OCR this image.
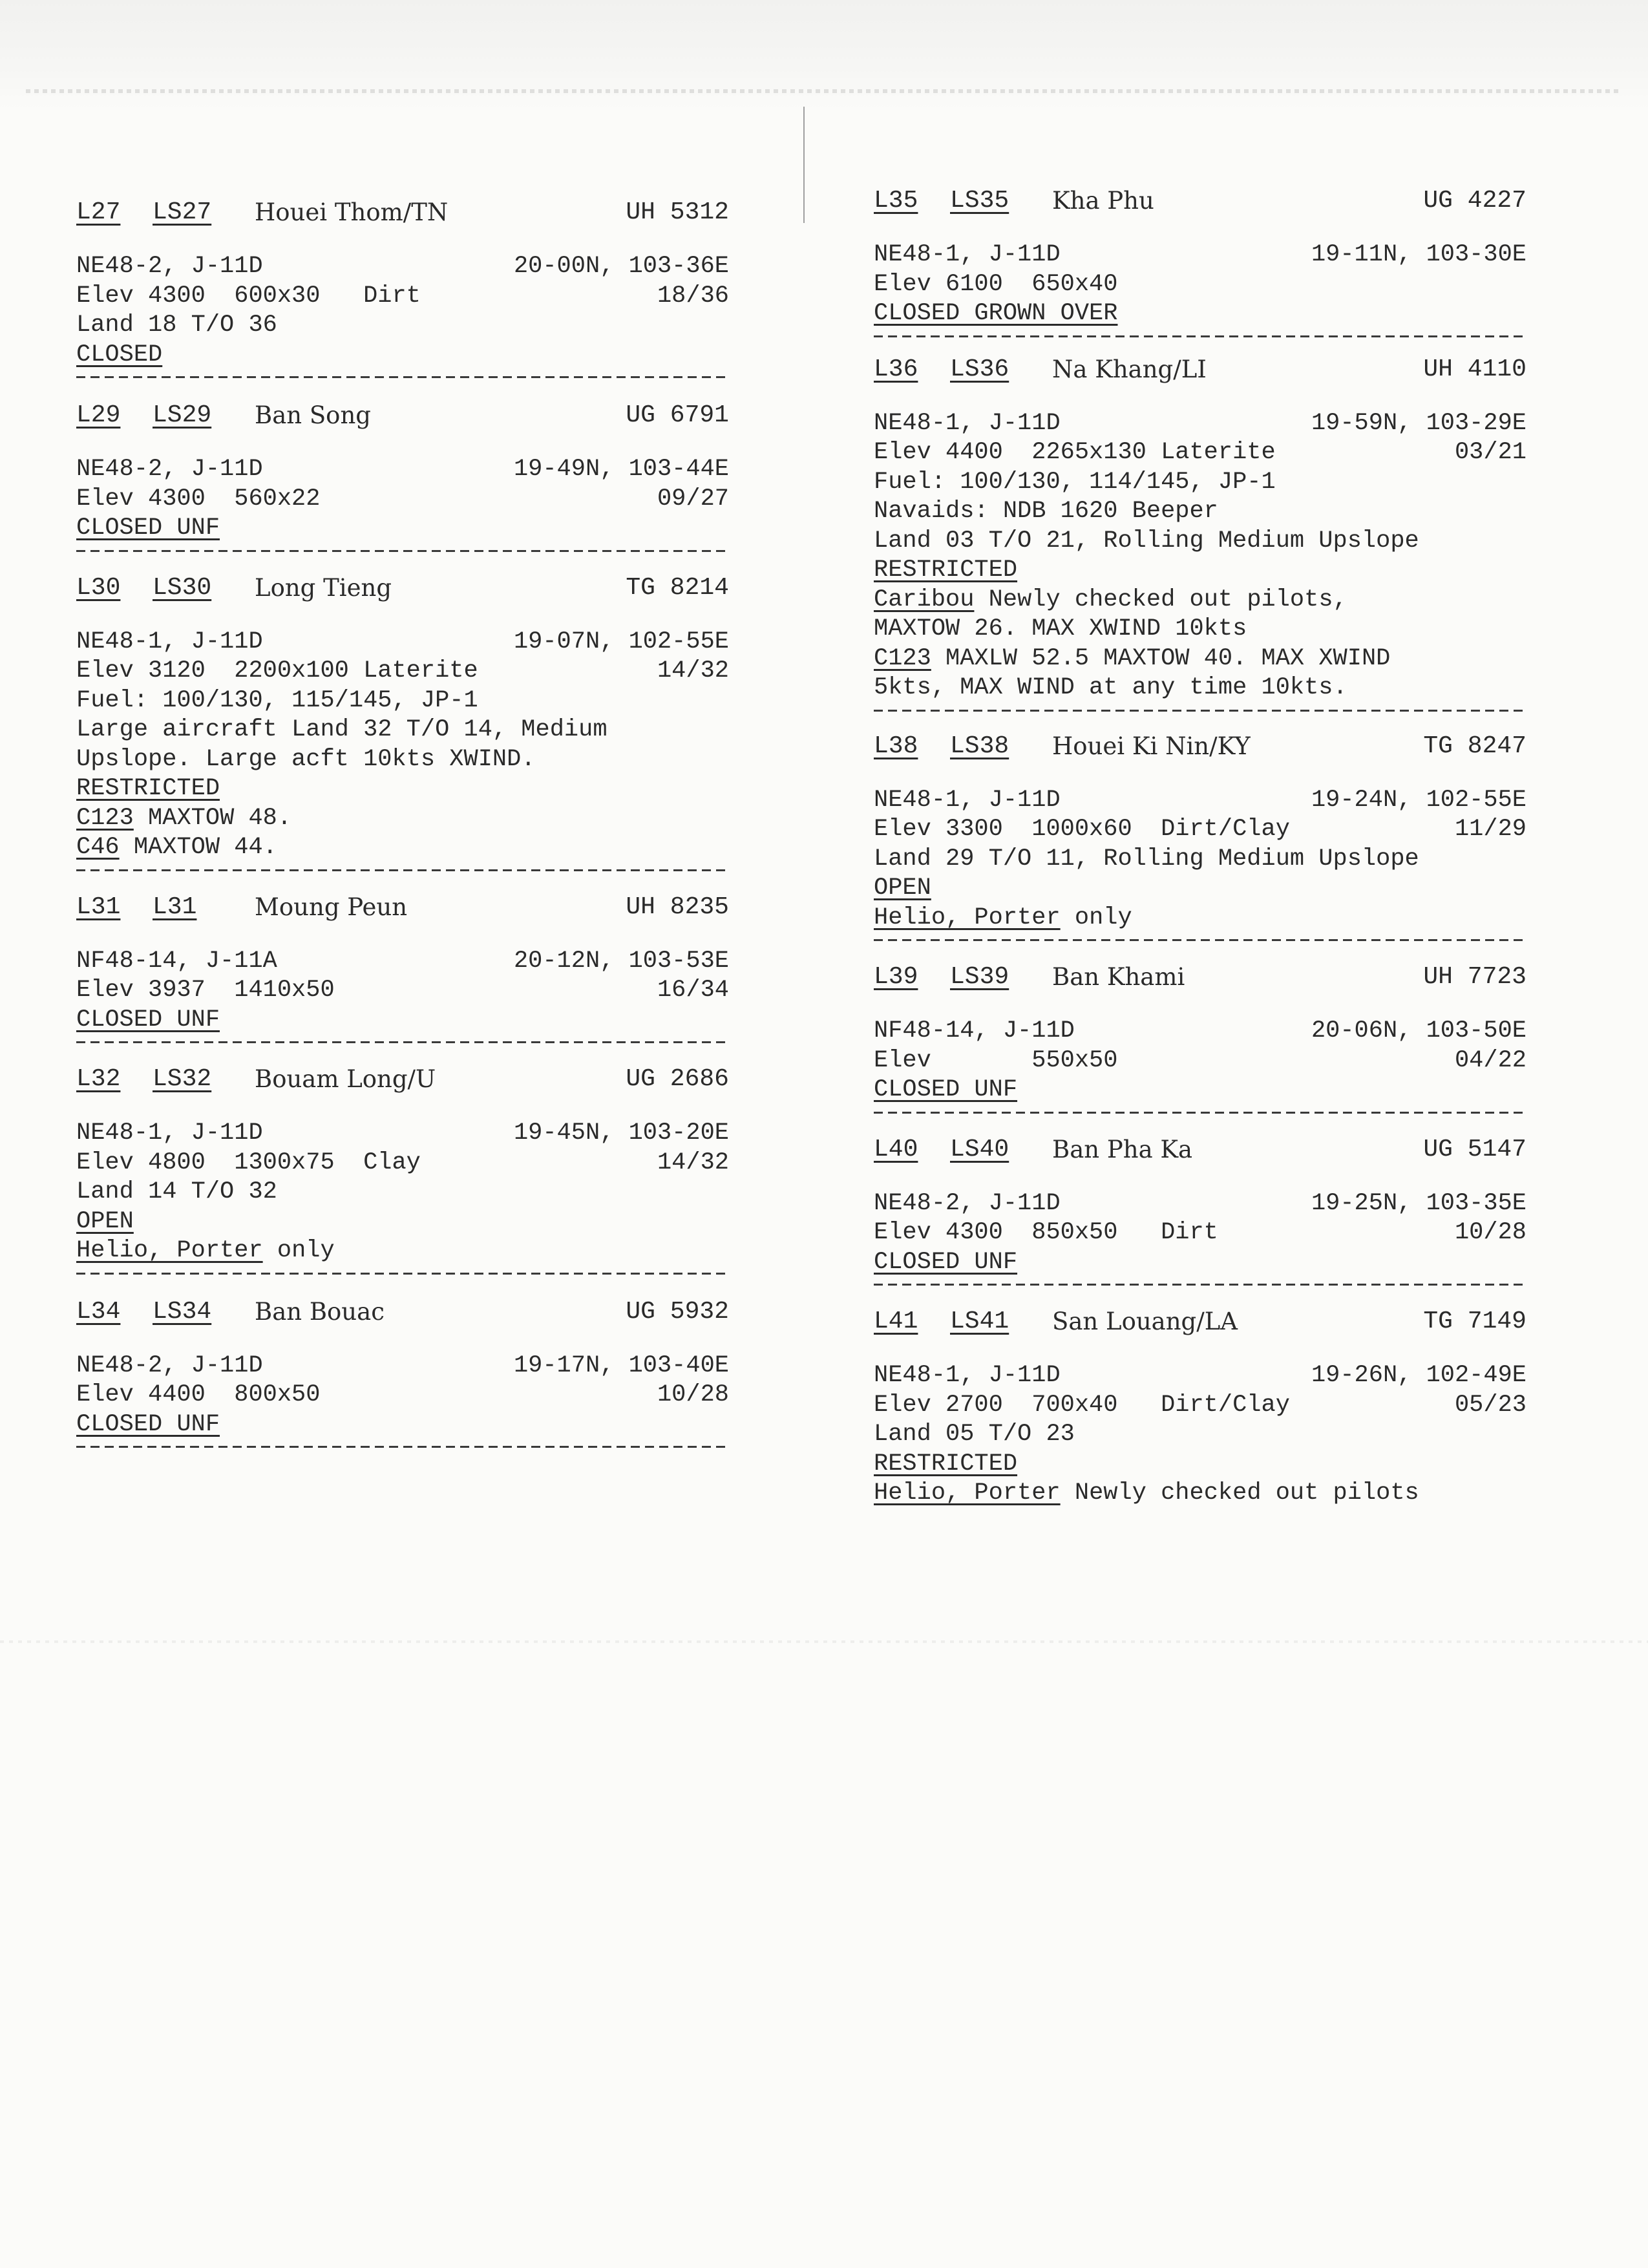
L27 LS27 Houei Thom/TN	UH 5312
NE48-2, J-11D	20-00N, 103-36E
Elev 4300  600x30   Dirt	18/36
Land 18 T/O 36
CLOSED
L29 LS29 Ban Song	UG 6791
NE48-2, J-11D	19-49N, 103-44E
Elev 4300  560x22	09/27
CLOSED UNF
L30 LS30 Long Tieng	TG 8214
NE48-1, J-11D	19-07N, 102-55E
Elev 3120  2200x100 Laterite	14/32
Fuel: 100/130, 115/145, JP-1
Large aircraft Land 32 T/O 14, Medium
Upslope. Large acft 10kts XWIND.
RESTRICTED
C123 MAXTOW 48.
C46 MAXTOW 44.
L31 L31 Moung Peun	UH 8235
NF48-14, J-11A	20-12N, 103-53E
Elev 3937  1410x50	16/34
CLOSED UNF
L32 LS32 Bouam Long/U	UG 2686
NE48-1, J-11D	19-45N, 103-20E
Elev 4800  1300x75  Clay	14/32
Land 14 T/O 32
OPEN
Helio, Porter only
L34 LS34 Ban Bouac	UG 5932
NE48-2, J-11D	19-17N, 103-40E
Elev 4400  800x50	10/28
CLOSED UNF
L35 LS35 Kha Phu	UG 4227
NE48-1, J-11D	19-11N, 103-30E
Elev 6100  650x40
CLOSED GROWN OVER
L36 LS36 Na Khang/LI	UH 4110
NE48-1, J-11D	19-59N, 103-29E
Elev 4400  2265x130 Laterite	03/21
Fuel: 100/130, 114/145, JP-1
Navaids: NDB 1620 Beeper
Land 03 T/O 21, Rolling Medium Upslope
RESTRICTED
Caribou Newly checked out pilots,
MAXTOW 26. MAX XWIND 10kts
C123 MAXLW 52.5 MAXTOW 40. MAX XWIND
5kts, MAX WIND at any time 10kts.
L38 LS38 Houei Ki Nin/KY	TG 8247
NE48-1, J-11D	19-24N, 102-55E
Elev 3300  1000x60  Dirt/Clay	11/29
Land 29 T/O 11, Rolling Medium Upslope
OPEN
Helio, Porter only
L39 LS39 Ban Khami	UH 7723
NF48-14, J-11D	20-06N, 103-50E
Elev       550x50	04/22
CLOSED UNF
L40 LS40 Ban Pha Ka	UG 5147
NE48-2, J-11D	19-25N, 103-35E
Elev 4300  850x50   Dirt	10/28
CLOSED UNF
L41 LS41 San Louang/LA	TG 7149
NE48-1, J-11D	19-26N, 102-49E
Elev 2700  700x40   Dirt/Clay	05/23
Land 05 T/O 23
RESTRICTED
Helio, Porter Newly checked out pilots
